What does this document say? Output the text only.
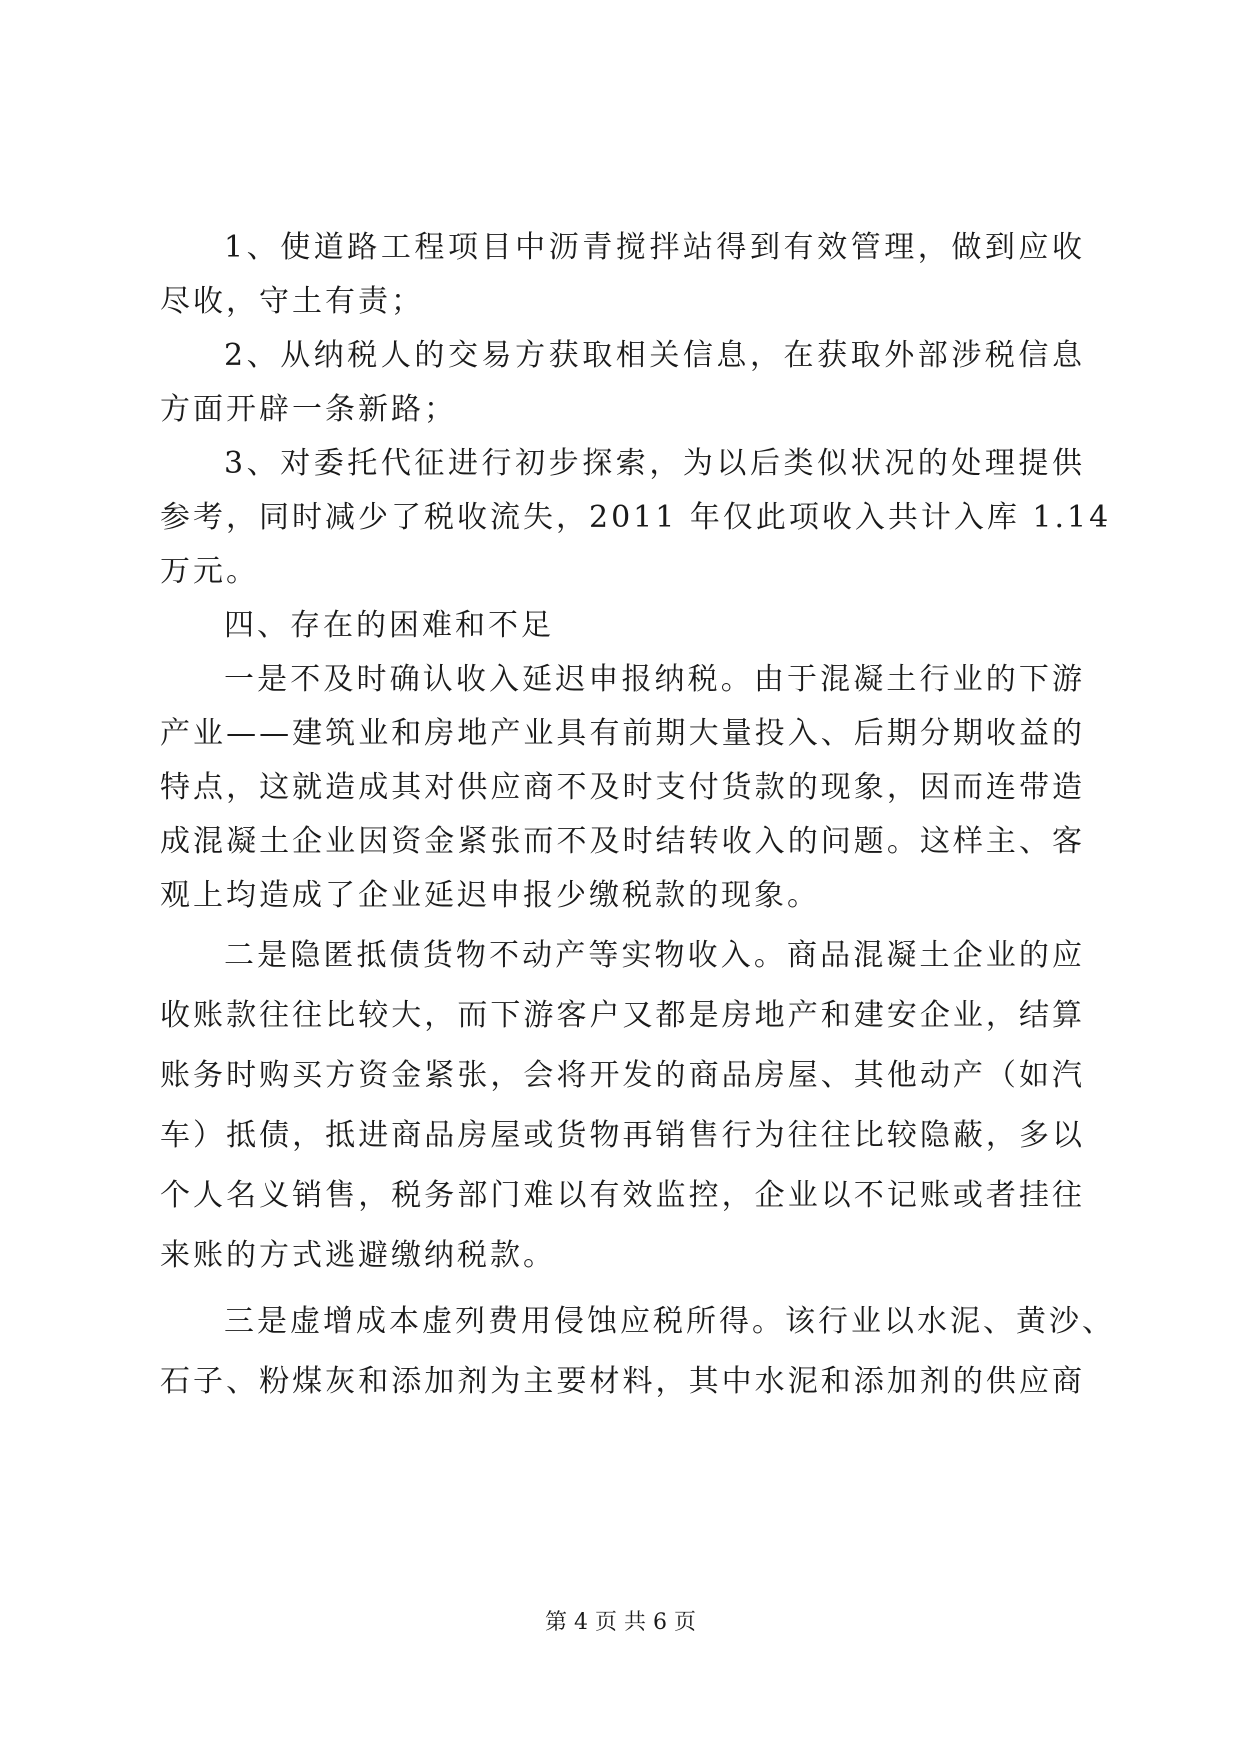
1、使道路工程项目中沥青搅拌站得到有效管理，做到应收
尽收，守土有责；
2、从纳税人的交易方获取相关信息，在获取外部涉税信息
方面开辟一条新路；
3、对委托代征进行初步探索，为以后类似状况的处理提供
参考，同时减少了税收流失，2011 年仅此项收入共计入库 1.14
万元。
四、存在的困难和不足
一是不及时确认收入延迟申报纳税。由于混凝土行业的下游
产业——建筑业和房地产业具有前期大量投入、后期分期收益的
特点，这就造成其对供应商不及时支付货款的现象，因而连带造
成混凝土企业因资金紧张而不及时结转收入的问题。这样主、客
观上均造成了企业延迟申报少缴税款的现象。
二是隐匿抵债货物不动产等实物收入。商品混凝土企业的应
收账款往往比较大，而下游客户又都是房地产和建安企业，结算
账务时购买方资金紧张，会将开发的商品房屋、其他动产（如汽
车）抵债，抵进商品房屋或货物再销售行为往往比较隐蔽，多以
个人名义销售，税务部门难以有效监控，企业以不记账或者挂往
来账的方式逃避缴纳税款。
三是虚增成本虚列费用侵蚀应税所得。该行业以水泥、黄沙、
石子、粉煤灰和添加剂为主要材料，其中水泥和添加剂的供应商
第 4 页 共 6 页
